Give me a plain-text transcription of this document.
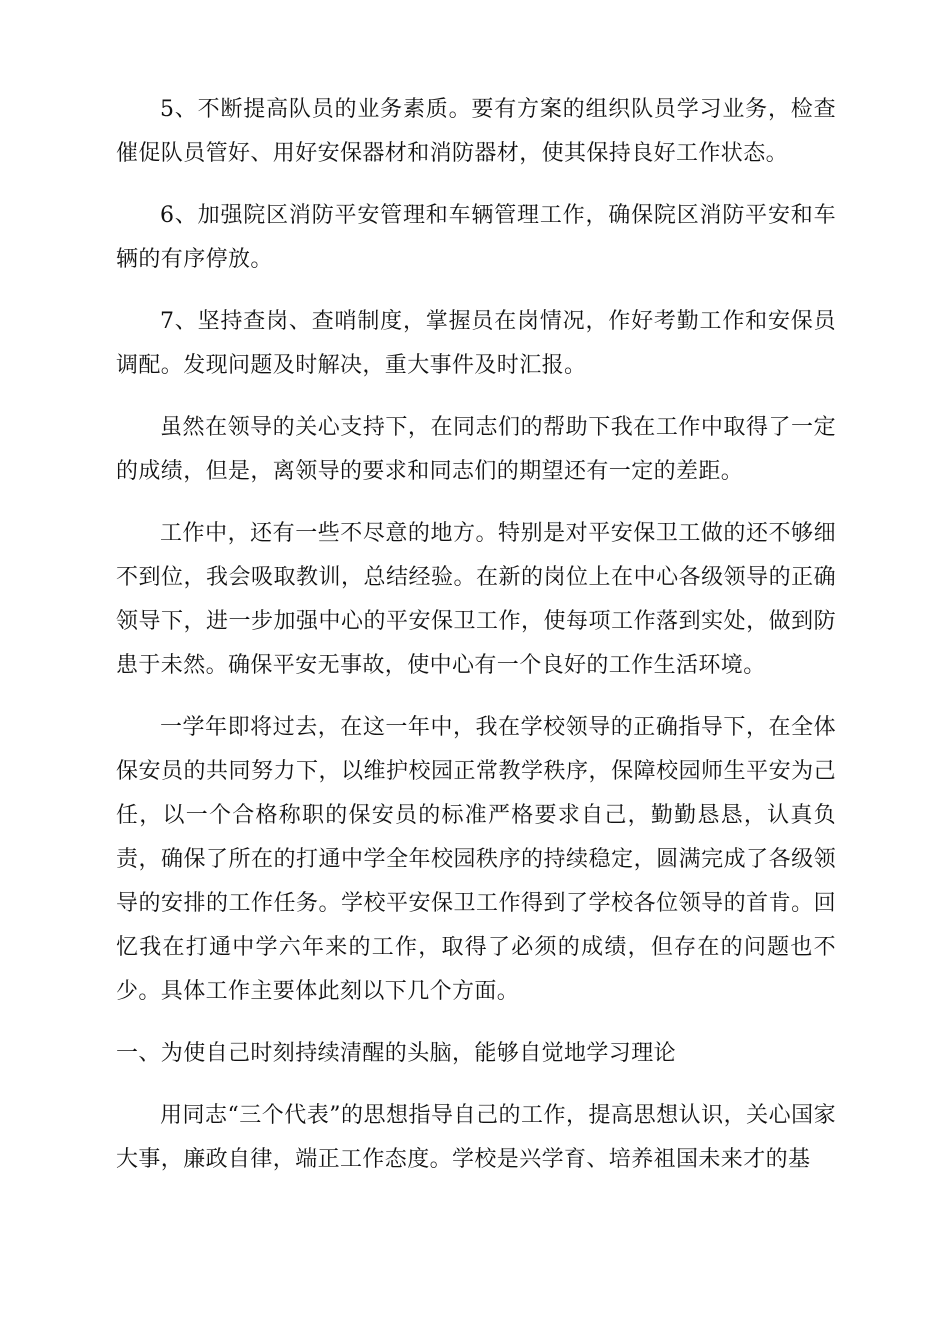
5、不断提高队员的业务素质。要有方案的组织队员学习业务，检查催促队员管好、用好安保器材和消防器材，使其保持良好工作状态。

6、加强院区消防平安管理和车辆管理工作，确保院区消防平安和车辆的有序停放。

7、坚持查岗、查哨制度，掌握员在岗情况，作好考勤工作和安保员调配。发现问题及时解决，重大事件及时汇报。

虽然在领导的关心支持下，在同志们的帮助下我在工作中取得了一定的成绩，但是，离领导的要求和同志们的期望还有一定的差距。

工作中，还有一些不尽意的地方。特别是对平安保卫工做的还不够细不到位，我会吸取教训，总结经验。在新的岗位上在中心各级领导的正确领导下，进一步加强中心的平安保卫工作，使每项工作落到实处，做到防患于未然。确保平安无事故，使中心有一个良好的工作生活环境。

一学年即将过去，在这一年中，我在学校领导的正确指导下，在全体保安员的共同努力下，以维护校园正常教学秩序，保障校园师生平安为己任，以一个合格称职的保安员的标准严格要求自己，勤勤恳恳，认真负责，确保了所在的打通中学全年校园秩序的持续稳定，圆满完成了各级领导的安排的工作任务。学校平安保卫工作得到了学校各位领导的首肯。回忆我在打通中学六年来的工作，取得了必须的成绩，但存在的问题也不少。具体工作主要体此刻以下几个方面。

一、为使自己时刻持续清醒的头脑，能够自觉地学习理论

用同志“三个代表”的思想指导自己的工作，提高思想认识，关心国家大事，廉政自律，端正工作态度。学校是兴学育、培养祖国未来才的基
